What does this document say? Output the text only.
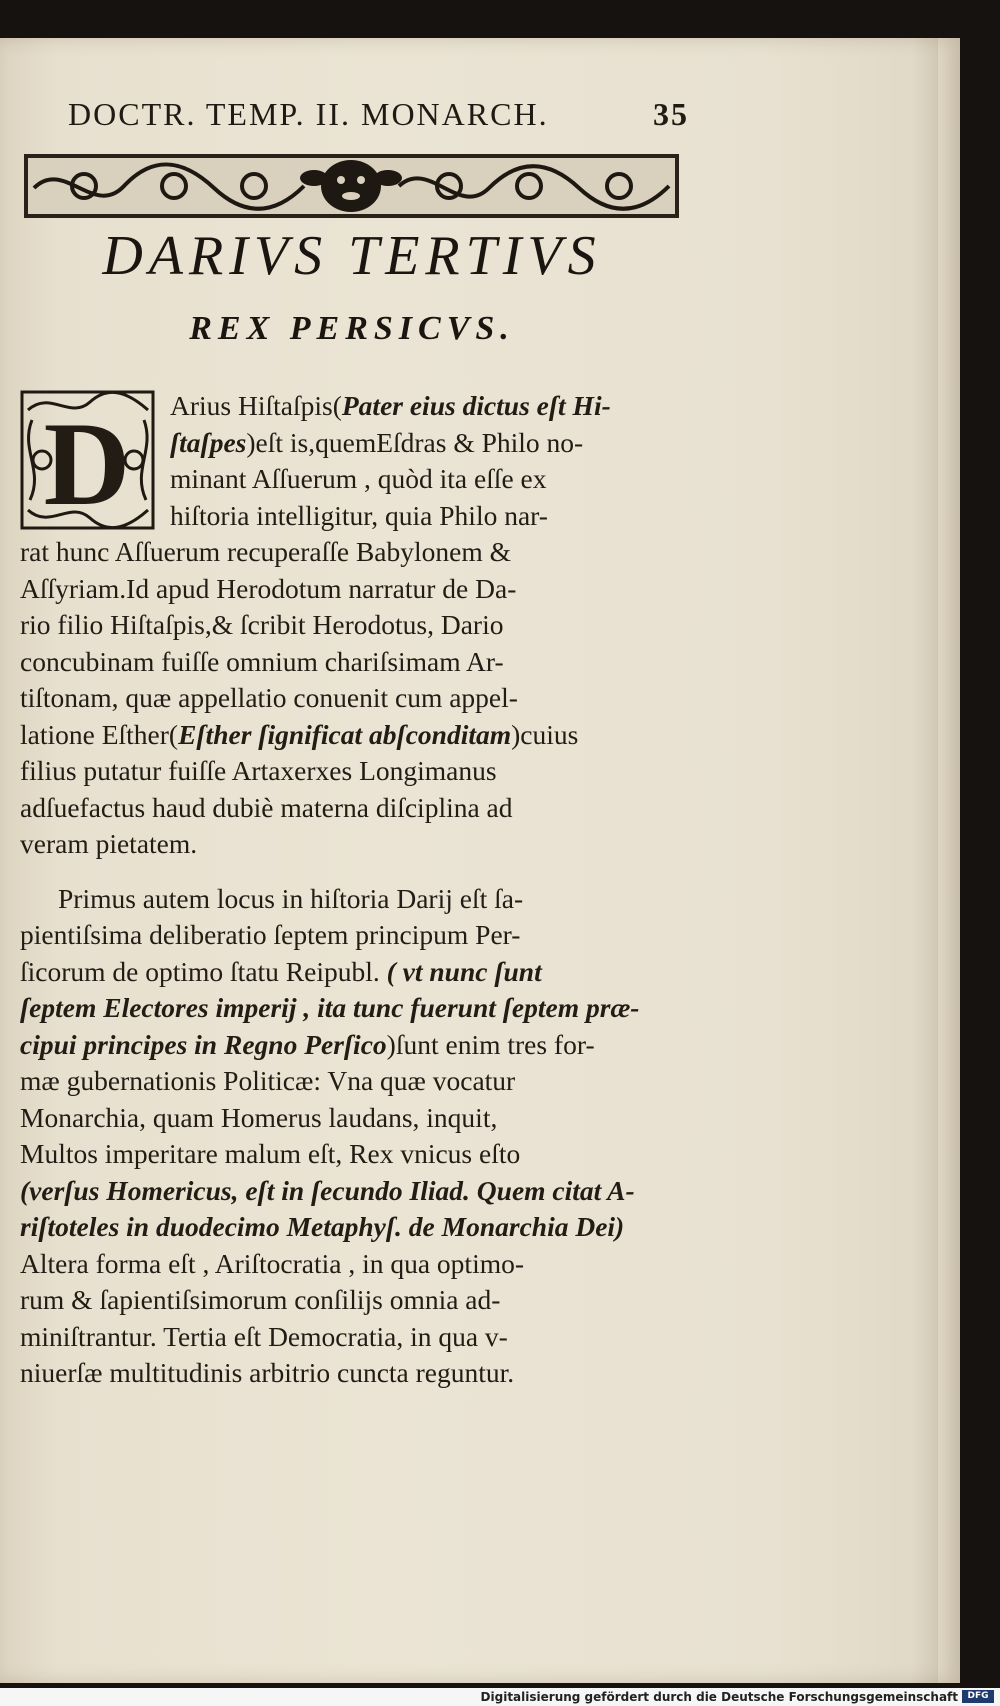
DOCTR. TEMP. II. MONARCH.	35
DARIVS TERTIVS
REX PERSICVS.
D	Arius Hiſtaſpis(Pater eius dictus eſt Hi-
ſtaſpes)eſt is,quemEſdras & Philo no-
minant Aſſuerum , quòd ita eſſe ex
hiſtoria intelligitur, quia Philo nar-
rat hunc Aſſuerum recuperaſſe Babylonem &
Aſſyriam.Id apud Herodotum narratur de Da-
rio filio Hiſtaſpis,& ſcribit Herodotus, Dario
concubinam fuiſſe omnium chariſsimam Ar-
tiſtonam, quæ appellatio conuenit cum appel-
latione Eſther(Eſther ſignificat abſconditam)cuius
filius putatur fuiſſe Artaxerxes Longimanus
adſuefactus haud dubiè materna diſciplina ad
veram pietatem.
Primus autem locus in hiſtoria Darij eſt ſa-
pientiſsima deliberatio ſeptem principum Per-
ſicorum de optimo ſtatu Reipubl. ( vt nunc ſunt
ſeptem Electores imperij , ita tunc fuerunt ſeptem præ-
cipui principes in Regno Perſico)ſunt enim tres for-
mæ gubernationis Politicæ: Vna quæ vocatur
Monarchia, quam Homerus laudans, inquit,
Multos imperitare malum eſt, Rex vnicus eſto
(verſus Homericus, eſt in ſecundo Iliad. Quem citat A-
riſtoteles in duodecimo Metaphyſ. de Monarchia Dei)
Altera forma eſt , Ariſtocratia , in qua optimo-
rum & ſapientiſsimorum conſilijs omnia ad-
miniſtrantur. Tertia eſt Democratia, in qua v-
niuerſæ multitudinis arbitrio cuncta reguntur.
Digitalisierung gefördert durch die Deutsche Forschungsgemeinschaft	DFG
